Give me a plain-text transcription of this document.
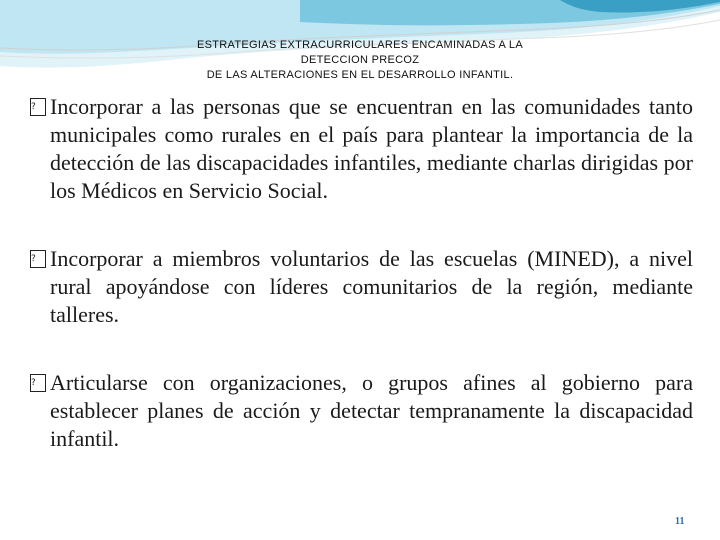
ESTRATEGIAS EXTRACURRICULARES ENCAMINADAS A LA
DETECCION PRECOZ
DE LAS ALTERACIONES EN EL DESARROLLO INFANTIL.
? Incorporar a las personas que se encuentran en las comunidades tanto municipales como rurales en el país para plantear la importancia de la detección de las discapacidades infantiles, mediante charlas dirigidas por los Médicos en Servicio Social.
? Incorporar a miembros voluntarios de las escuelas (MINED), a nivel rural apoyándose con líderes comunitarios de la región, mediante talleres.
? Articularse con organizaciones, o grupos afines al gobierno para establecer planes de acción y detectar tempranamente la discapacidad infantil.
11
